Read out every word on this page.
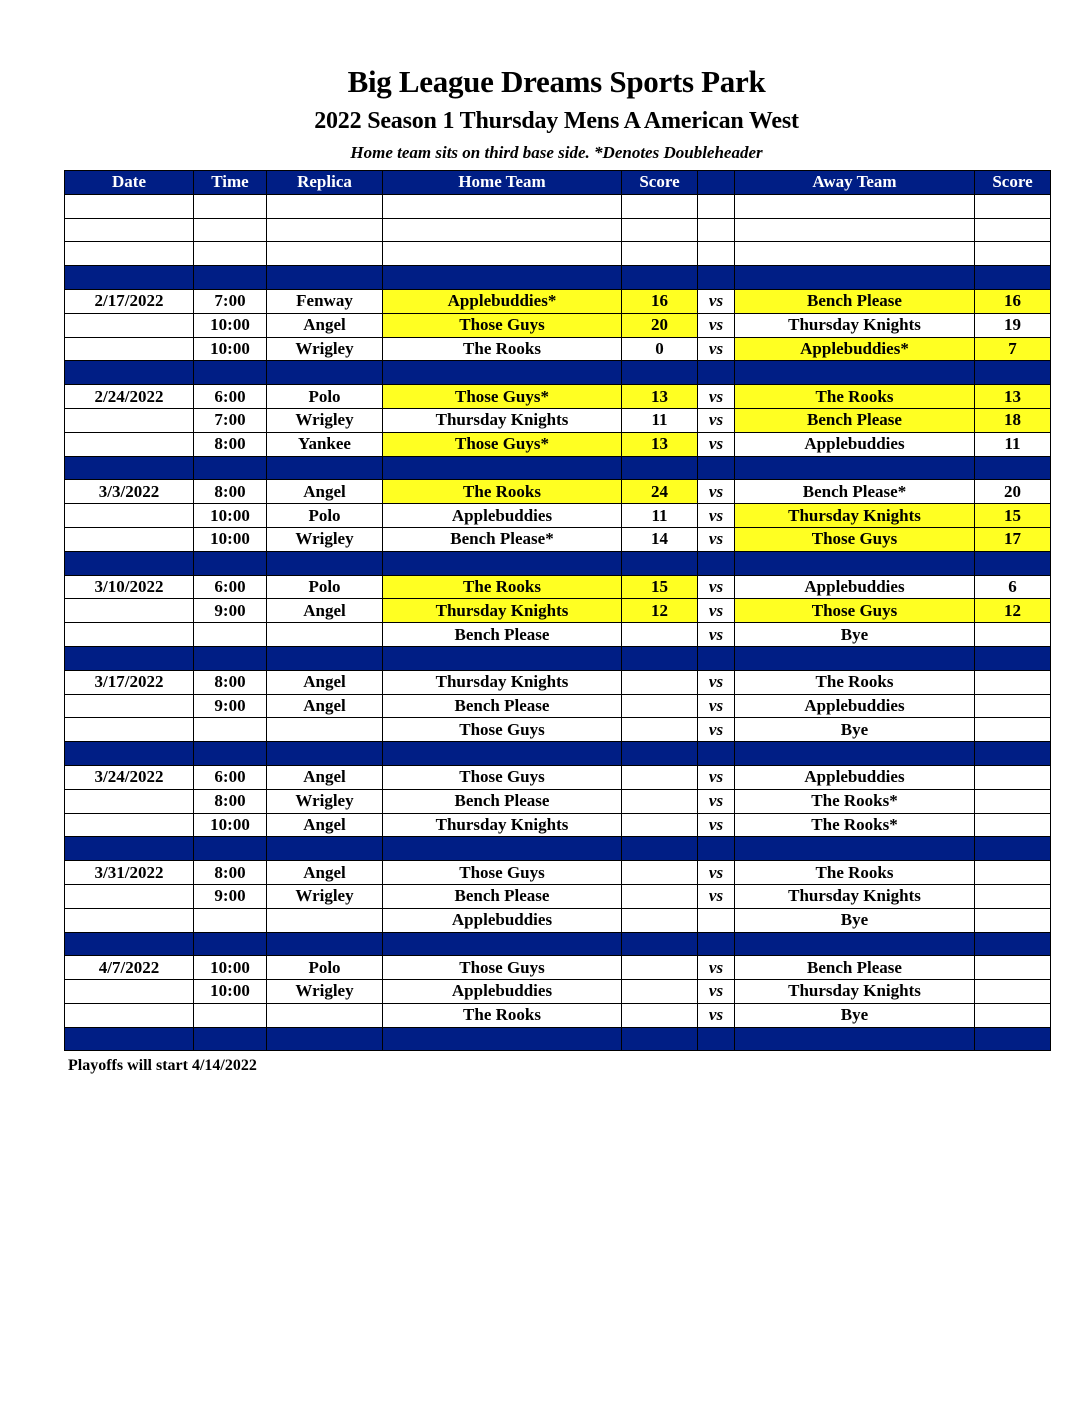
Big League Dreams Sports Park
2022 Season 1 Thursday Mens A American West
Home team sits on third base side. *Denotes Doubleheader
Date	Time	Replica	Home Team	Score		Away Team	Score

2/17/2022	7:00	Fenway	Applebuddies*	16	vs	Bench Please	16
	10:00	Angel	Those Guys	20	vs	Thursday Knights	19
	10:00	Wrigley	The Rooks	0	vs	Applebuddies*	7

2/24/2022	6:00	Polo	Those Guys*	13	vs	The Rooks	13
	7:00	Wrigley	Thursday Knights	11	vs	Bench Please	18
	8:00	Yankee	Those Guys*	13	vs	Applebuddies	11

3/3/2022	8:00	Angel	The Rooks	24	vs	Bench Please*	20
	10:00	Polo	Applebuddies	11	vs	Thursday Knights	15
	10:00	Wrigley	Bench Please*	14	vs	Those Guys	17

3/10/2022	6:00	Polo	The Rooks	15	vs	Applebuddies	6
	9:00	Angel	Thursday Knights	12	vs	Those Guys	12
			Bench Please		vs	Bye	

3/17/2022	8:00	Angel	Thursday Knights		vs	The Rooks	
	9:00	Angel	Bench Please		vs	Applebuddies	
			Those Guys		vs	Bye	

3/24/2022	6:00	Angel	Those Guys		vs	Applebuddies	
	8:00	Wrigley	Bench Please		vs	The Rooks*	
	10:00	Angel	Thursday Knights		vs	The Rooks*	

3/31/2022	8:00	Angel	Those Guys		vs	The Rooks	
	9:00	Wrigley	Bench Please		vs	Thursday Knights	
			Applebuddies			Bye	

4/7/2022	10:00	Polo	Those Guys		vs	Bench Please	
	10:00	Wrigley	Applebuddies		vs	Thursday Knights	
			The Rooks		vs	Bye	

Playoffs will start 4/14/2022
